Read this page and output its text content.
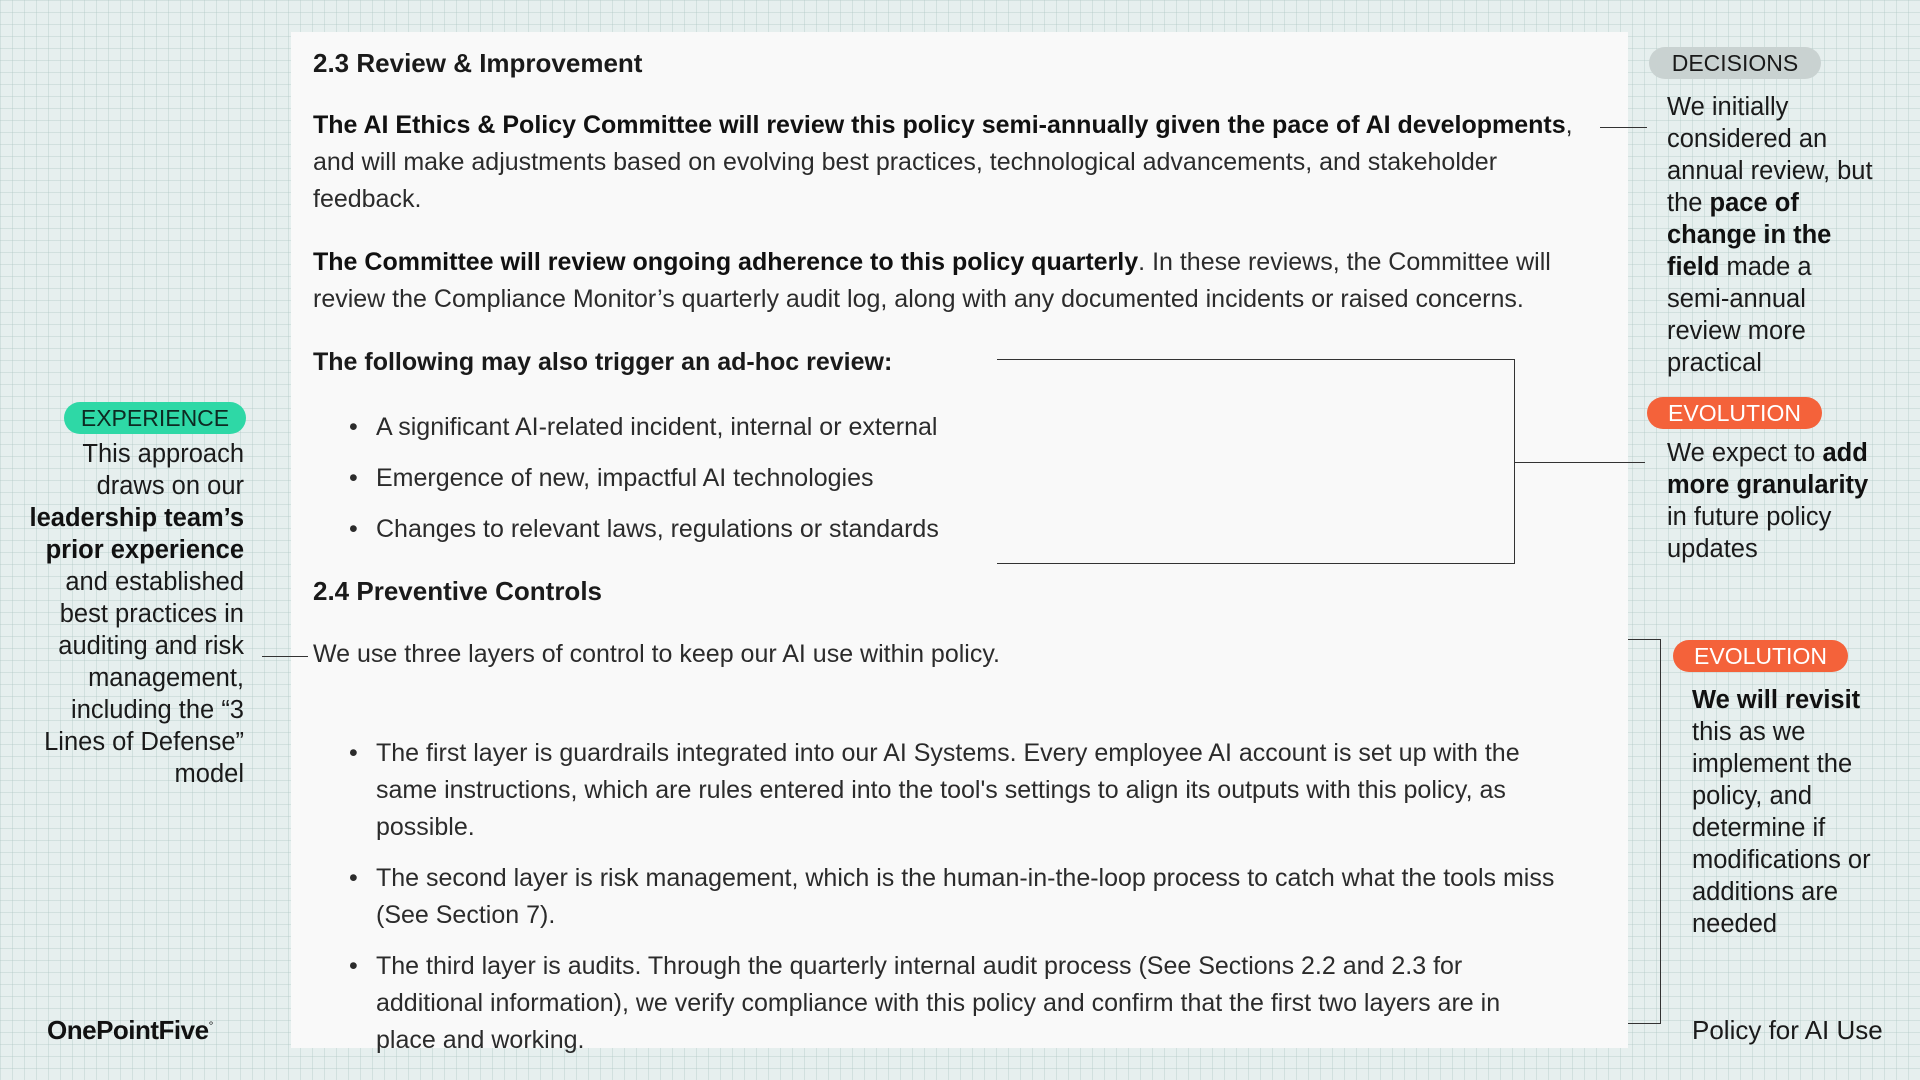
2.3 Review & Improvement
The AI Ethics & Policy Committee will review this policy semi-annually given the pace of AI developments,
and will make adjustments based on evolving best practices, technological advancements, and stakeholder
feedback.
The Committee will review ongoing adherence to this policy quarterly. In these reviews, the Committee will
review the Compliance Monitor’s quarterly audit log, along with any documented incidents or raised concerns.
The following may also trigger an ad-hoc review:
• A significant AI-related incident, internal or external
• Emergence of new, impactful AI technologies
• Changes to relevant laws, regulations or standards
2.4 Preventive Controls
We use three layers of control to keep our AI use within policy.
• The first layer is guardrails integrated into our AI Systems. Every employee AI account is set up with the
same instructions, which are rules entered into the tool's settings to align its outputs with this policy, as
possible.
• The second layer is risk management, which is the human-in-the-loop process to catch what the tools miss
(See Section 7).
• The third layer is audits. Through the quarterly internal audit process (See Sections 2.2 and 2.3 for
additional information), we verify compliance with this policy and confirm that the first two layers are in
place and working.
DECISIONS
We initially
considered an
annual review, but
the pace of
change in the
field made a
semi-annual
review more
practical
EVOLUTION
We expect to add
more granularity
in future policy
updates
EVOLUTION
We will revisit
this as we
implement the
policy, and
determine if
modifications or
additions are
needed
EXPERIENCE
This approach
draws on our
leadership team’s
prior experience
and established
best practices in
auditing and risk
management,
including the “3
Lines of Defense”
model
OnePointFive°	Policy for AI Use
